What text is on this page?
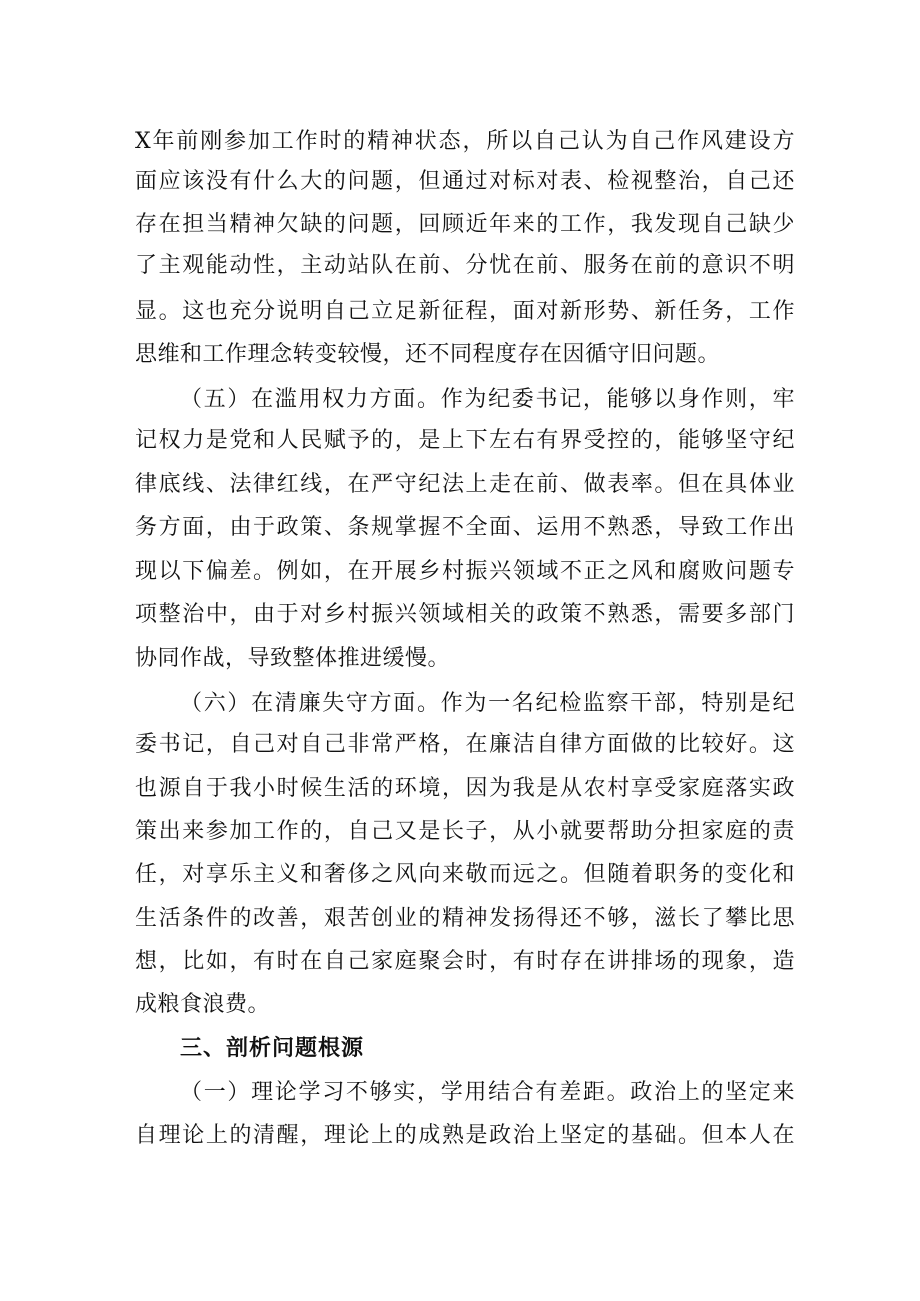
X年前刚参加工作时的精神状态，所以自己认为自己作风建设方
面应该没有什么大的问题，但通过对标对表、检视整治，自己还
存在担当精神欠缺的问题，回顾近年来的工作，我发现自己缺少
了主观能动性，主动站队在前、分忧在前、服务在前的意识不明
显。这也充分说明自己立足新征程，面对新形势、新任务，工作
思维和工作理念转变较慢，还不同程度存在因循守旧问题。
（五）在滥用权力方面。作为纪委书记，能够以身作则，牢
记权力是党和人民赋予的，是上下左右有界受控的，能够坚守纪
律底线、法律红线，在严守纪法上走在前、做表率。但在具体业
务方面，由于政策、条规掌握不全面、运用不熟悉，导致工作出
现以下偏差。例如，在开展乡村振兴领域不正之风和腐败问题专
项整治中，由于对乡村振兴领域相关的政策不熟悉，需要多部门
协同作战，导致整体推进缓慢。
（六）在清廉失守方面。作为一名纪检监察干部，特别是纪
委书记，自己对自己非常严格，在廉洁自律方面做的比较好。这
也源自于我小时候生活的环境，因为我是从农村享受家庭落实政
策出来参加工作的，自己又是长子，从小就要帮助分担家庭的责
任，对享乐主义和奢侈之风向来敬而远之。但随着职务的变化和
生活条件的改善，艰苦创业的精神发扬得还不够，滋长了攀比思
想，比如，有时在自己家庭聚会时，有时存在讲排场的现象，造
成粮食浪费。
三、剖析问题根源
（一）理论学习不够实，学用结合有差距。政治上的坚定来
自理论上的清醒，理论上的成熟是政治上坚定的基础。但本人在
